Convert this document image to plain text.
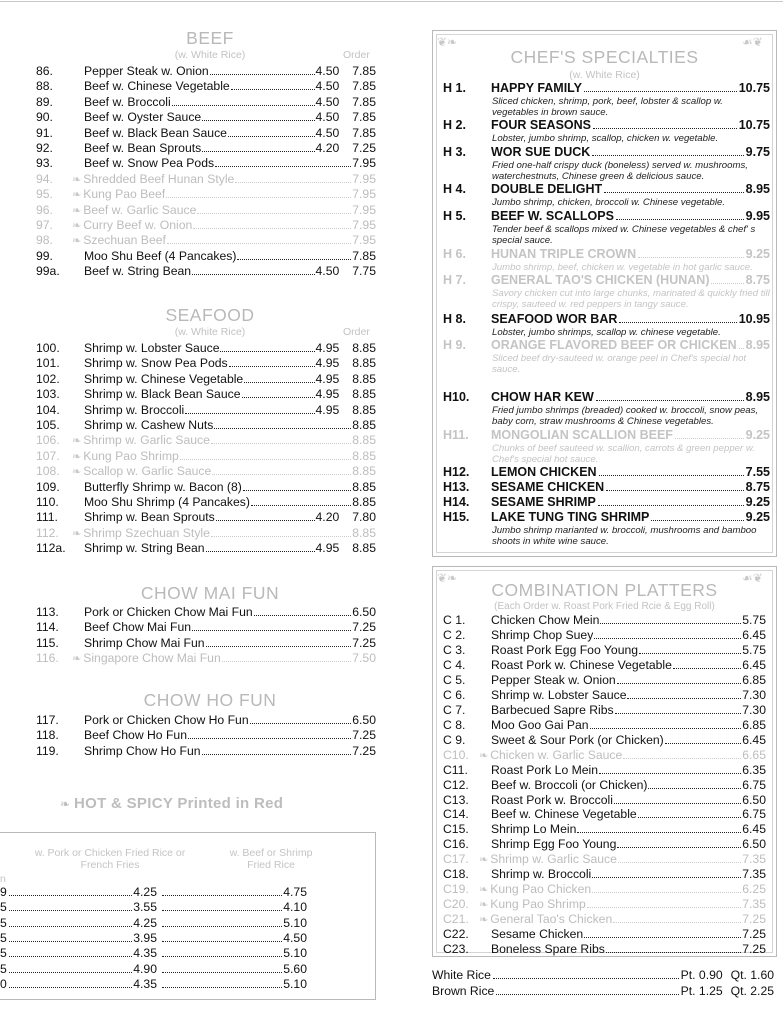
BEEF
(w. White Rice)	Order
86.	Pepper Steak w. Onion	4.50 7.85
88.	Beef w. Chinese Vegetable	4.50 7.85
89.	Beef w. Broccoli	4.50 7.85
90.	Beef w. Oyster Sauce	4.50 7.85
91.	Beef w. Black Bean Sauce	4.50 7.85
92.	Beef w. Bean Sprouts	4.20 7.25
93.	Beef w. Snow Pea Pods	7.95
94.	❧ Shredded Beef Hunan Style	7.95
95.	❧ Kung Pao Beef	7.95
96.	❧ Beef w. Garlic Sauce	7.95
97.	❧ Curry Beef w. Onion	7.95
98.	❧ Szechuan Beef	7.95
99.	Moo Shu Beef (4 Pancakes)	7.85
99a.	Beef w. String Bean	4.50 7.75
SEAFOOD
(w. White Rice)	Order
100.	Shrimp w. Lobster Sauce	4.95 8.85
101.	Shrimp w. Snow Pea Pods	4.95 8.85
102.	Shrimp w. Chinese Vegetable	4.95 8.85
103.	Shrimp w. Black Bean Sauce	4.95 8.85
104.	Shrimp w. Broccoli	4.95 8.85
105.	Shrimp w. Cashew Nuts	8.85
106.	❧ Shrimp w. Garlic Sauce	8.85
107.	❧ Kung Pao Shrimp	8.85
108.	❧ Scallop w. Garlic Sauce	8.85
109.	Butterfly Shrimp w. Bacon (8)	8.85
110.	Moo Shu Shrimp (4 Pancakes)	8.85
111.	Shrimp w. Bean Sprouts	4.20 7.80
112.	❧ Shrimp Szechuan Style	8.85
112a.	Shrimp w. String Bean	4.95 8.85
CHOW MAI FUN
113.	Pork or Chicken Chow Mai Fun	6.50
114.	Beef Chow Mai Fun	7.25
115.	Shrimp Chow Mai Fun	7.25
116.	❧ Singapore Chow Mai Fun	7.50
CHOW HO FUN
117.	Pork or Chicken Chow Ho Fun	6.50
118.	Beef Chow Ho Fun	7.25
119.	Shrimp Chow Ho Fun	7.25
❦❧	☙❦
CHEF'S SPECIALTIES
(w. White Rice)
H 1.	HAPPY FAMILY	10.75
Sliced chicken, shrimp, pork, beef, lobster & scallop w. vegetables in brown sauce.
H 2.	FOUR SEASONS	10.75
Lobster, jumbo shrimp, scallop, chicken w. vegetable.
H 3.	WOR SUE DUCK	9.75
Fried one-half crispy duck (boneless) served w. mushrooms, waterchestnuts, Chinese green & delicious sauce.
H 4.	DOUBLE DELIGHT	8.95
Jumbo shrimp, chicken, broccoli w. Chinese vegetable.
H 5.	BEEF W. SCALLOPS	9.95
Tender beef & scallops mixed w. Chinese vegetables & chef' s special sauce.
H 6.	HUNAN TRIPLE CROWN	9.25
Jumbo shrimp, beef, chicken w. vegetable in hot garlic sauce.
H 7.	GENERAL TAO'S CHICKEN (HUNAN)	8.75
Savory chicken cut into large chunks, marinated & quickly fried till crispy, sauteed w. red peppers in tangy sauce.
H 8.	SEAFOOD WOR BAR	10.95
Lobster, jumbo shrimps, scallop w. chinese vegetable.
H 9.	ORANGE FLAVORED BEEF OR CHICKEN 8.95
Sliced beef dry-sauteed w. orange peel in Chef's special hot sauce.
H10.	CHOW HAR KEW	8.95
Fried jumbo shrimps (breaded) cooked w. broccoli, snow peas, baby corn, straw mushrooms & Chinese vegetables.
H11.	MONGOLIAN SCALLION BEEF	9.25
Chunks of beef sauteed w. scallion, carrots & green pepper w. Chef's special hot sauce.
H12.	LEMON CHICKEN	7.55
H13.	SESAME CHICKEN	8.75
H14.	SESAME SHRIMP	9.25
H15.	LAKE TUNG TING SHRIMP	9.25
Jumbo shrimp marianted w. broccoli, mushrooms and bamboo shoots in white wine sauce.
❦❧	☙❦
COMBINATION PLATTERS
(Each Order w. Roast Pork Fried Rcie & Egg Roll)
C 1.	Chicken Chow Mein	5.75
C 2.	Shrimp Chop Suey	6.45
C 3.	Roast Pork Egg Foo Young	5.75
C 4.	Roast Pork w. Chinese Vegetable	6.45
C 5.	Pepper Steak w. Onion	6.85
C 6.	Shrimp w. Lobster Sauce	7.30
C 7.	Barbecued Sapre Ribs	7.30
C 8.	Moo Goo Gai Pan	6.85
C 9.	Sweet & Sour Pork (or Chicken)	6.45
C10. ❧ Chicken w. Garlic Sauce	6.65
C11.	Roast Pork Lo Mein	6.35
C12.	Beef w. Broccoli (or Chicken)	6.75
C13.	Roast Pork w. Broccoli	6.50
C14.	Beef w. Chinese Vegetable	6.75
C15.	Shrimp Lo Mein	6.45
C16.	Shrimp Egg Foo Young	6.50
C17. ❧ Shrimp w. Garlic Sauce	7.35
C18.	Shrimp w. Broccoli	7.35
C19. ❧ Kung Pao Chicken	6.25
C20. ❧ Kung Pao Shrimp	7.35
C21. ❧ General Tao's Chicken	7.25
C22.	Sesame Chicken	7.25
C23.	Boneless Spare Ribs	7.25
White Rice	Pt. 0.90 Qt. 1.60
Brown Rice	Pt. 1.25 Qt. 2.25
❧ HOT & SPICY Printed in Red
w. Pork or Chicken Fried Rice or French Fries
w. Beef or Shrimp Fried Rice
n
9	4.25	4.75
5	3.55	4.10
5	4.25	5.10
5	3.95	4.50
5	4.35	5.10
5	4.90	5.60
0	4.35	5.10
